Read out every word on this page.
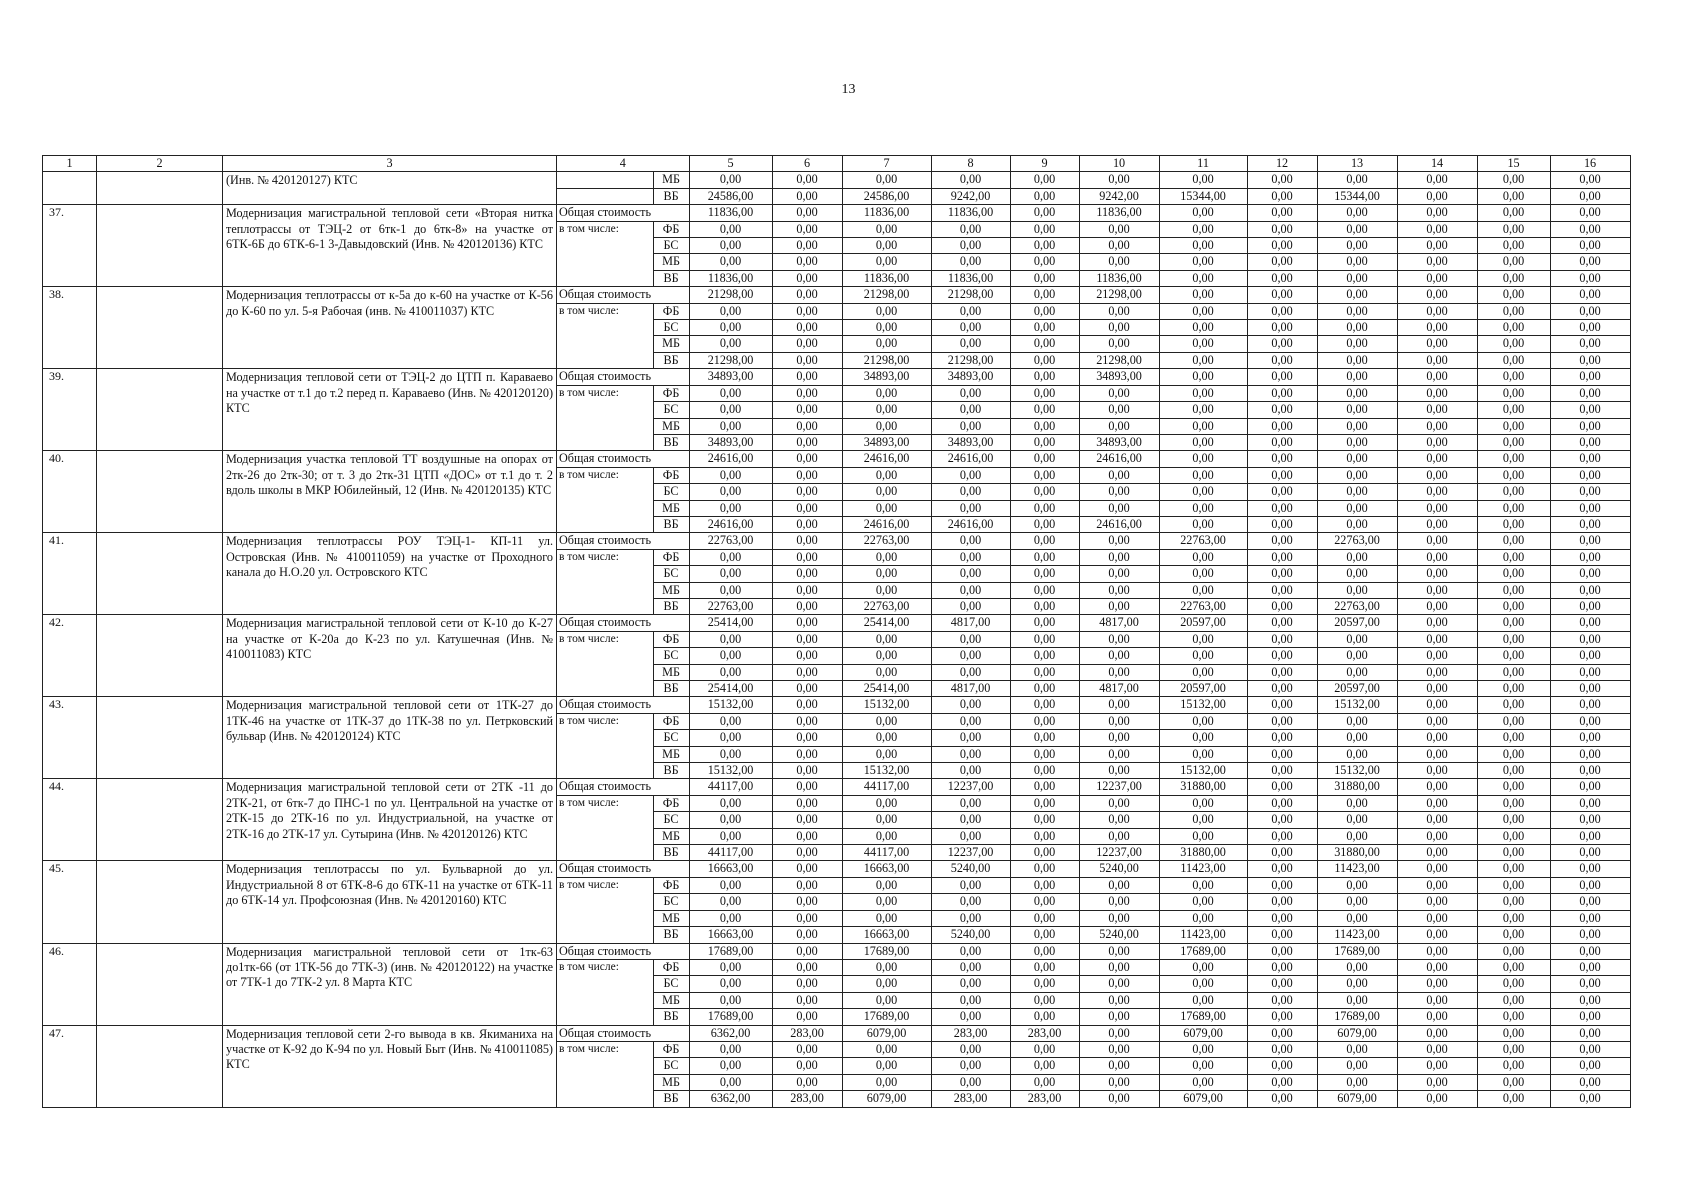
13
1	2	3	4		5	6	7	8	9	10	11	12	13	14	15	16
		(Инв. № 420120127) КТС		МБ	0,00	0,00	0,00	0,00	0,00	0,00	0,00	0,00	0,00	0,00	0,00	0,00
				ВБ	24586,00	0,00	24586,00	9242,00	0,00	9242,00	15344,00	0,00	15344,00	0,00	0,00	0,00
37.		Модернизация магистральной тепловой сети «Вторая нитка теплотрассы от ТЭЦ-2 от 6тк-1 до 6тк-8» на участке от 6ТК-6Б до 6ТК-6-1 3-Давыдовский (Инв. № 420120136) КТС	Общая стоимость		11836,00	0,00	11836,00	11836,00	0,00	11836,00	0,00	0,00	0,00	0,00	0,00	0,00
			в том числе:	ФБ	0,00	0,00	0,00	0,00	0,00	0,00	0,00	0,00	0,00	0,00	0,00	0,00
				БС	0,00	0,00	0,00	0,00	0,00	0,00	0,00	0,00	0,00	0,00	0,00	0,00
				МБ	0,00	0,00	0,00	0,00	0,00	0,00	0,00	0,00	0,00	0,00	0,00	0,00
				ВБ	11836,00	0,00	11836,00	11836,00	0,00	11836,00	0,00	0,00	0,00	0,00	0,00	0,00
38.		Модернизация теплотрассы от к-5а до к-60 на участке от К-56 до К-60 по ул. 5-я Рабочая (инв. № 410011037) КТС	Общая стоимость		21298,00	0,00	21298,00	21298,00	0,00	21298,00	0,00	0,00	0,00	0,00	0,00	0,00
			в том числе:	ФБ	0,00	0,00	0,00	0,00	0,00	0,00	0,00	0,00	0,00	0,00	0,00	0,00
				БС	0,00	0,00	0,00	0,00	0,00	0,00	0,00	0,00	0,00	0,00	0,00	0,00
				МБ	0,00	0,00	0,00	0,00	0,00	0,00	0,00	0,00	0,00	0,00	0,00	0,00
				ВБ	21298,00	0,00	21298,00	21298,00	0,00	21298,00	0,00	0,00	0,00	0,00	0,00	0,00
39.		Модернизация тепловой сети от ТЭЦ-2 до ЦТП п. Караваево на участке от т.1 до т.2 перед п. Караваево (Инв. № 420120120) КТС	Общая стоимость		34893,00	0,00	34893,00	34893,00	0,00	34893,00	0,00	0,00	0,00	0,00	0,00	0,00
			в том числе:	ФБ	0,00	0,00	0,00	0,00	0,00	0,00	0,00	0,00	0,00	0,00	0,00	0,00
				БС	0,00	0,00	0,00	0,00	0,00	0,00	0,00	0,00	0,00	0,00	0,00	0,00
				МБ	0,00	0,00	0,00	0,00	0,00	0,00	0,00	0,00	0,00	0,00	0,00	0,00
				ВБ	34893,00	0,00	34893,00	34893,00	0,00	34893,00	0,00	0,00	0,00	0,00	0,00	0,00
40.		Модернизация участка тепловой ТТ воздушные на опорах от 2тк-26 до 2тк-30; от т. 3 до 2тк-31 ЦТП «ДОС» от т.1 до т. 2 вдоль школы в МКР Юбилейный, 12 (Инв. № 420120135) КТС	Общая стоимость		24616,00	0,00	24616,00	24616,00	0,00	24616,00	0,00	0,00	0,00	0,00	0,00	0,00
			в том числе:	ФБ	0,00	0,00	0,00	0,00	0,00	0,00	0,00	0,00	0,00	0,00	0,00	0,00
				БС	0,00	0,00	0,00	0,00	0,00	0,00	0,00	0,00	0,00	0,00	0,00	0,00
				МБ	0,00	0,00	0,00	0,00	0,00	0,00	0,00	0,00	0,00	0,00	0,00	0,00
				ВБ	24616,00	0,00	24616,00	24616,00	0,00	24616,00	0,00	0,00	0,00	0,00	0,00	0,00
41.		Модернизация теплотрассы РОУ ТЭЦ-1- КП-11 ул. Островская (Инв. № 410011059) на участке от Проходного канала до Н.О.20 ул. Островского КТС	Общая стоимость		22763,00	0,00	22763,00	0,00	0,00	0,00	22763,00	0,00	22763,00	0,00	0,00	0,00
			в том числе:	ФБ	0,00	0,00	0,00	0,00	0,00	0,00	0,00	0,00	0,00	0,00	0,00	0,00
				БС	0,00	0,00	0,00	0,00	0,00	0,00	0,00	0,00	0,00	0,00	0,00	0,00
				МБ	0,00	0,00	0,00	0,00	0,00	0,00	0,00	0,00	0,00	0,00	0,00	0,00
				ВБ	22763,00	0,00	22763,00	0,00	0,00	0,00	22763,00	0,00	22763,00	0,00	0,00	0,00
42.		Модернизация магистральной тепловой сети от К-10 до К-27 на участке от К-20а до К-23 по ул. Катушечная (Инв. № 410011083) КТС	Общая стоимость		25414,00	0,00	25414,00	4817,00	0,00	4817,00	20597,00	0,00	20597,00	0,00	0,00	0,00
			в том числе:	ФБ	0,00	0,00	0,00	0,00	0,00	0,00	0,00	0,00	0,00	0,00	0,00	0,00
				БС	0,00	0,00	0,00	0,00	0,00	0,00	0,00	0,00	0,00	0,00	0,00	0,00
				МБ	0,00	0,00	0,00	0,00	0,00	0,00	0,00	0,00	0,00	0,00	0,00	0,00
				ВБ	25414,00	0,00	25414,00	4817,00	0,00	4817,00	20597,00	0,00	20597,00	0,00	0,00	0,00
43.		Модернизация магистральной тепловой сети от 1ТК-27 до 1ТК-46 на участке от 1ТК-37 до 1ТК-38 по ул. Петрковский бульвар (Инв. № 420120124) КТС	Общая стоимость		15132,00	0,00	15132,00	0,00	0,00	0,00	15132,00	0,00	15132,00	0,00	0,00	0,00
			в том числе:	ФБ	0,00	0,00	0,00	0,00	0,00	0,00	0,00	0,00	0,00	0,00	0,00	0,00
				БС	0,00	0,00	0,00	0,00	0,00	0,00	0,00	0,00	0,00	0,00	0,00	0,00
				МБ	0,00	0,00	0,00	0,00	0,00	0,00	0,00	0,00	0,00	0,00	0,00	0,00
				ВБ	15132,00	0,00	15132,00	0,00	0,00	0,00	15132,00	0,00	15132,00	0,00	0,00	0,00
44.		Модернизация магистральной тепловой сети от 2ТК -11 до 2ТК-21, от 6тк-7 до ПНС-1 по ул. Центральной на участке от 2ТК-15 до 2ТК-16 по ул. Индустриальной, на участке от 2ТК-16 до 2ТК-17 ул. Сутырина (Инв. № 420120126) КТС	Общая стоимость		44117,00	0,00	44117,00	12237,00	0,00	12237,00	31880,00	0,00	31880,00	0,00	0,00	0,00
			в том числе:	ФБ	0,00	0,00	0,00	0,00	0,00	0,00	0,00	0,00	0,00	0,00	0,00	0,00
				БС	0,00	0,00	0,00	0,00	0,00	0,00	0,00	0,00	0,00	0,00	0,00	0,00
				МБ	0,00	0,00	0,00	0,00	0,00	0,00	0,00	0,00	0,00	0,00	0,00	0,00
				ВБ	44117,00	0,00	44117,00	12237,00	0,00	12237,00	31880,00	0,00	31880,00	0,00	0,00	0,00
45.		Модернизация теплотрассы по ул. Бульварной до ул. Индустриальной 8 от 6ТК-8-6 до 6ТК-11 на участке от 6ТК-11 до 6ТК-14 ул. Профсоюзная (Инв. № 420120160) КТС	Общая стоимость		16663,00	0,00	16663,00	5240,00	0,00	5240,00	11423,00	0,00	11423,00	0,00	0,00	0,00
			в том числе:	ФБ	0,00	0,00	0,00	0,00	0,00	0,00	0,00	0,00	0,00	0,00	0,00	0,00
				БС	0,00	0,00	0,00	0,00	0,00	0,00	0,00	0,00	0,00	0,00	0,00	0,00
				МБ	0,00	0,00	0,00	0,00	0,00	0,00	0,00	0,00	0,00	0,00	0,00	0,00
				ВБ	16663,00	0,00	16663,00	5240,00	0,00	5240,00	11423,00	0,00	11423,00	0,00	0,00	0,00
46.		Модернизация магистральной тепловой сети от 1тк-63 до1тк-66 (от 1ТК-56 до 7ТК-3) (инв. № 420120122) на участке от 7ТК-1 до 7ТК-2 ул. 8 Марта КТС	Общая стоимость		17689,00	0,00	17689,00	0,00	0,00	0,00	17689,00	0,00	17689,00	0,00	0,00	0,00
			в том числе:	ФБ	0,00	0,00	0,00	0,00	0,00	0,00	0,00	0,00	0,00	0,00	0,00	0,00
				БС	0,00	0,00	0,00	0,00	0,00	0,00	0,00	0,00	0,00	0,00	0,00	0,00
				МБ	0,00	0,00	0,00	0,00	0,00	0,00	0,00	0,00	0,00	0,00	0,00	0,00
				ВБ	17689,00	0,00	17689,00	0,00	0,00	0,00	17689,00	0,00	17689,00	0,00	0,00	0,00
47.		Модернизация тепловой сети 2-го вывода в кв. Якиманиха на участке от К-92 до К-94 по ул. Новый Быт (Инв. № 410011085) КТС	Общая стоимость		6362,00	283,00	6079,00	283,00	283,00	0,00	6079,00	0,00	6079,00	0,00	0,00	0,00
			в том числе:	ФБ	0,00	0,00	0,00	0,00	0,00	0,00	0,00	0,00	0,00	0,00	0,00	0,00
				БС	0,00	0,00	0,00	0,00	0,00	0,00	0,00	0,00	0,00	0,00	0,00	0,00
				МБ	0,00	0,00	0,00	0,00	0,00	0,00	0,00	0,00	0,00	0,00	0,00	0,00
				ВБ	6362,00	283,00	6079,00	283,00	283,00	0,00	6079,00	0,00	6079,00	0,00	0,00	0,00
